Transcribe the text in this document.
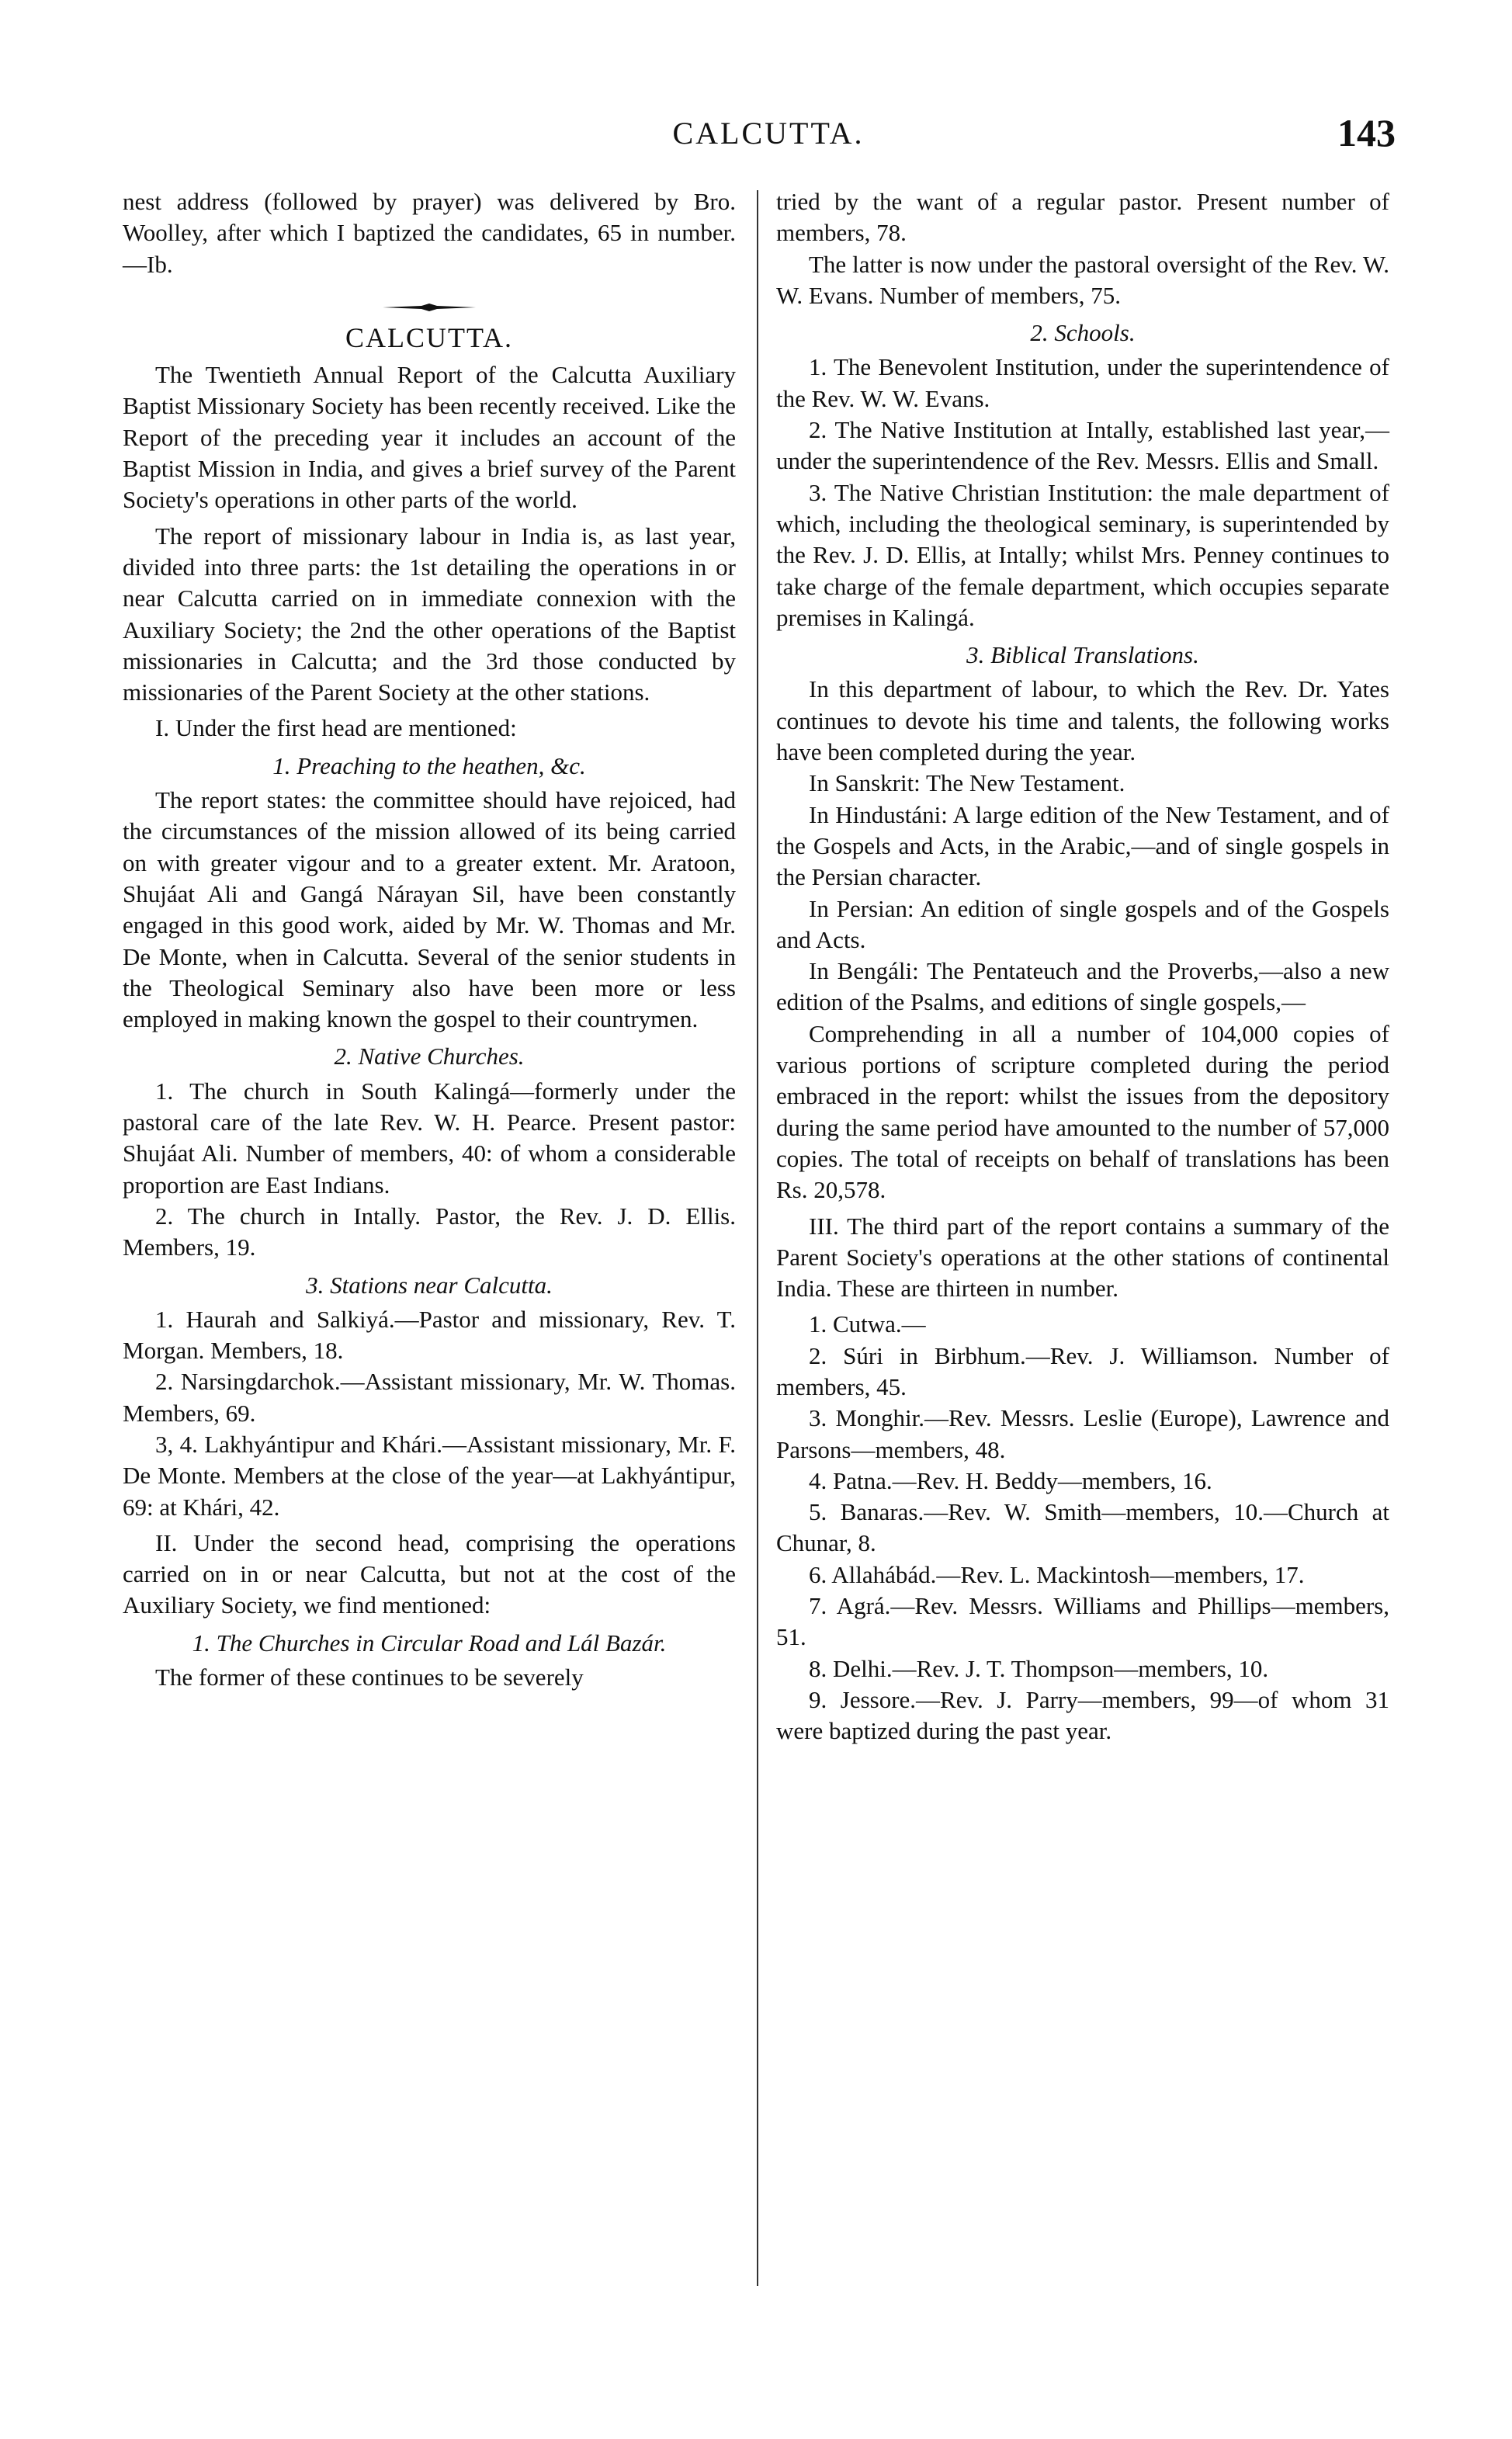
CALCUTTA.	143

nest address (followed by prayer) was delivered by Bro. Woolley, after which I baptized the candidates, 65 in number.—Ib.

CALCUTTA.

The Twentieth Annual Report of the Calcutta Auxiliary Baptist Missionary Society has been recently received. Like the Report of the preceding year it includes an account of the Baptist Mission in India, and gives a brief survey of the Parent Society's operations in other parts of the world.

The report of missionary labour in India is, as last year, divided into three parts: the 1st detailing the operations in or near Calcutta carried on in immediate connexion with the Auxiliary Society; the 2nd the other operations of the Baptist missionaries in Calcutta; and the 3rd those conducted by missionaries of the Parent Society at the other stations.

I. Under the first head are mentioned:

1. Preaching to the heathen, &c.

The report states: the committee should have rejoiced, had the circumstances of the mission allowed of its being carried on with greater vigour and to a greater extent. Mr. Aratoon, Shujáat Ali and Gangá Nárayan Sil, have been constantly engaged in this good work, aided by Mr. W. Thomas and Mr. De Monte, when in Calcutta. Several of the senior students in the Theological Seminary also have been more or less employed in making known the gospel to their countrymen.

2. Native Churches.

1. The church in South Kalingá—formerly under the pastoral care of the late Rev. W. H. Pearce. Present pastor: Shujáat Ali. Number of members, 40: of whom a considerable proportion are East Indians.

2. The church in Intally. Pastor, the Rev. J. D. Ellis. Members, 19.

3. Stations near Calcutta.

1. Haurah and Salkiyá.—Pastor and missionary, Rev. T. Morgan. Members, 18.

2. Narsingdarchok.—Assistant missionary, Mr. W. Thomas. Members, 69.

3, 4. Lakhyántipur and Khári.—Assistant missionary, Mr. F. De Monte. Members at the close of the year—at Lakhyántipur, 69: at Khári, 42.

II. Under the second head, comprising the operations carried on in or near Calcutta, but not at the cost of the Auxiliary Society, we find mentioned:

1. The Churches in Circular Road and Lál Bazár.

The former of these continues to be severely

tried by the want of a regular pastor. Present number of members, 78.

The latter is now under the pastoral oversight of the Rev. W. W. Evans. Number of members, 75.

2. Schools.

1. The Benevolent Institution, under the superintendence of the Rev. W. W. Evans.

2. The Native Institution at Intally, established last year,—under the superintendence of the Rev. Messrs. Ellis and Small.

3. The Native Christian Institution: the male department of which, including the theological seminary, is superintended by the Rev. J. D. Ellis, at Intally; whilst Mrs. Penney continues to take charge of the female department, which occupies separate premises in Kalingá.

3. Biblical Translations.

In this department of labour, to which the Rev. Dr. Yates continues to devote his time and talents, the following works have been completed during the year.

In Sanskrit: The New Testament.

In Hindustáni: A large edition of the New Testament, and of the Gospels and Acts, in the Arabic,—and of single gospels in the Persian character.

In Persian: An edition of single gospels and of the Gospels and Acts.

In Bengáli: The Pentateuch and the Proverbs,—also a new edition of the Psalms, and editions of single gospels,—

Comprehending in all a number of 104,000 copies of various portions of scripture completed during the period embraced in the report: whilst the issues from the depository during the same period have amounted to the number of 57,000 copies. The total of receipts on behalf of translations has been Rs. 20,578.

III. The third part of the report contains a summary of the Parent Society's operations at the other stations of continental India. These are thirteen in number.

1. Cutwa.—

2. Súri in Birbhum.—Rev. J. Williamson. Number of members, 45.

3. Monghir.—Rev. Messrs. Leslie (Europe), Lawrence and Parsons—members, 48.

4. Patna.—Rev. H. Beddy—members, 16.

5. Banaras.—Rev. W. Smith—members, 10.—Church at Chunar, 8.

6. Allahábád.—Rev. L. Mackintosh—members, 17.

7. Agrá.—Rev. Messrs. Williams and Phillips—members, 51.

8. Delhi.—Rev. J. T. Thompson—members, 10.

9. Jessore.—Rev. J. Parry—members, 99—of whom 31 were baptized during the past year.
